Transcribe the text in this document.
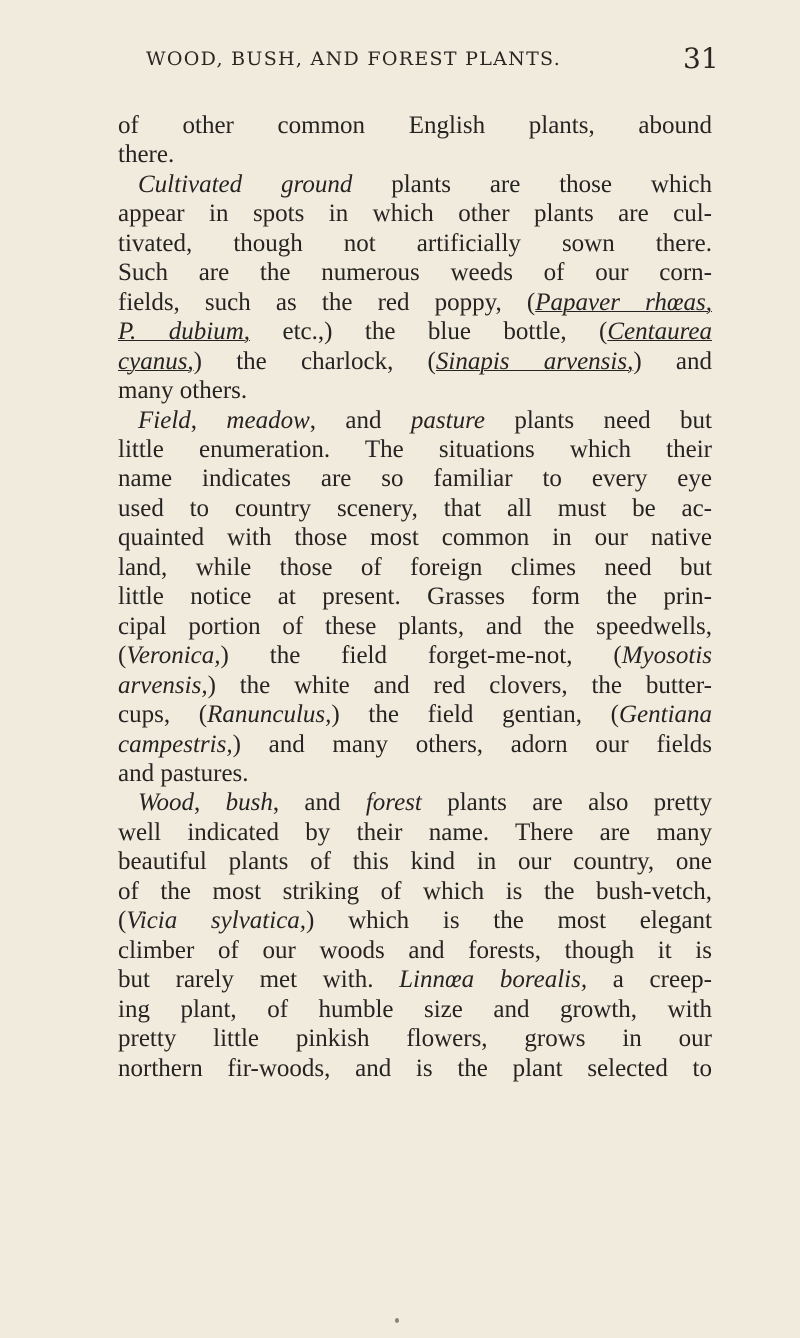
WOOD, BUSH, AND FOREST PLANTS.	31
of other common English plants, abound
there.
Cultivated ground plants are those which
appear in spots in which other plants are cul-
tivated, though not artificially sown there.
Such are the numerous weeds of our corn-
fields, such as the red poppy, (Papaver rhœas,
P. dubium, etc.,) the blue bottle, (Centaurea
cyanus,) the charlock, (Sinapis arvensis,) and
many others.
Field, meadow, and pasture plants need but
little enumeration. The situations which their
name indicates are so familiar to every eye
used to country scenery, that all must be ac-
quainted with those most common in our native
land, while those of foreign climes need but
little notice at present. Grasses form the prin-
cipal portion of these plants, and the speedwells,
(Veronica,) the field forget-me-not, (Myosotis
arvensis,) the white and red clovers, the butter-
cups, (Ranunculus,) the field gentian, (Gentiana
campestris,) and many others, adorn our fields
and pastures.
Wood, bush, and forest plants are also pretty
well indicated by their name. There are many
beautiful plants of this kind in our country, one
of the most striking of which is the bush-vetch,
(Vicia sylvatica,) which is the most elegant
climber of our woods and forests, though it is
but rarely met with. Linnœa borealis, a creep-
ing plant, of humble size and growth, with
pretty little pinkish flowers, grows in our
northern fir-woods, and is the plant selected to
